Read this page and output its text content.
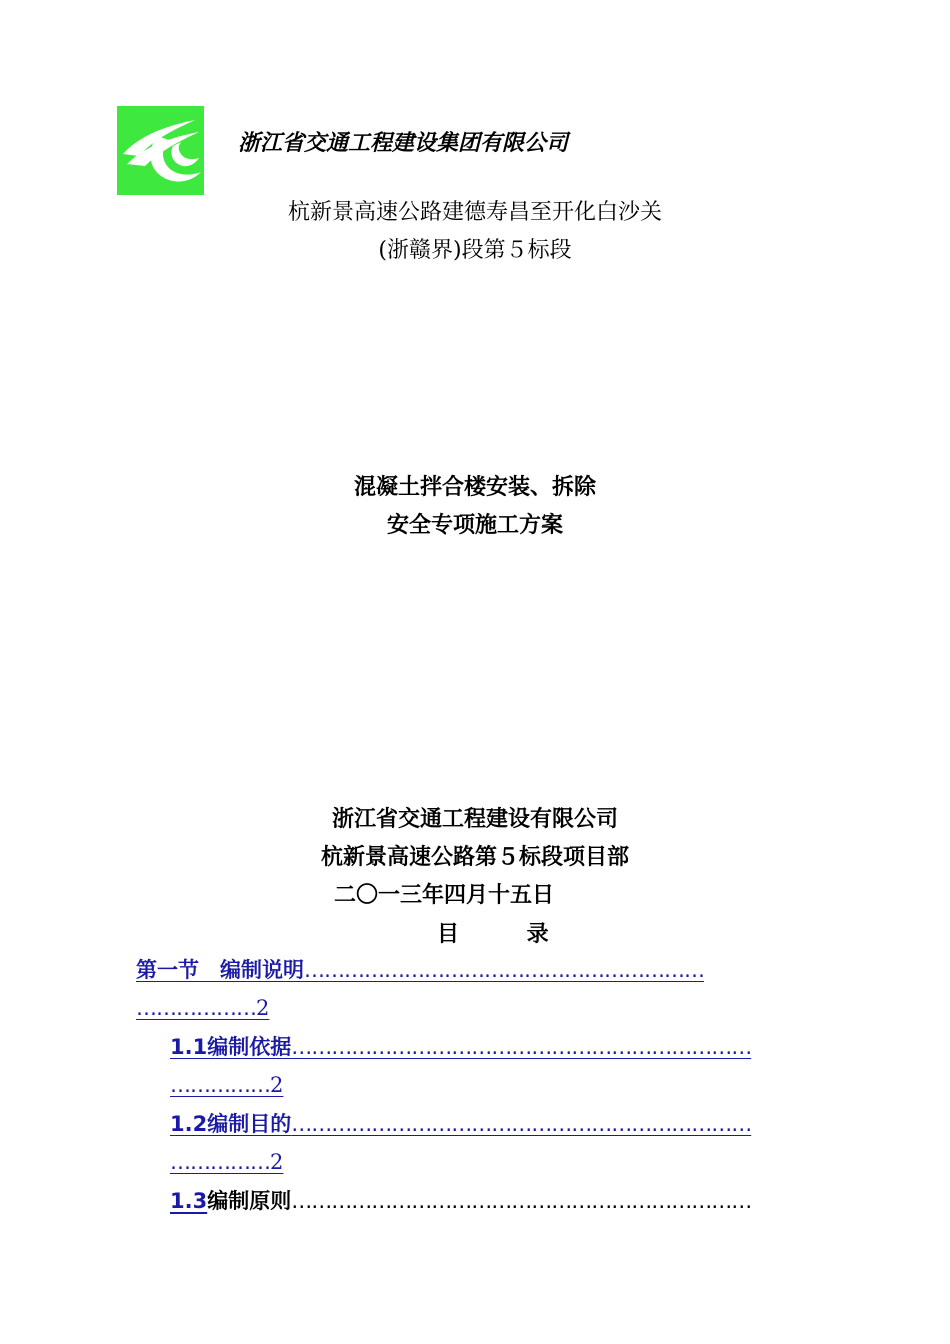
浙江省交通工程建设集团有限公司
杭新景高速公路建德寿昌至开化白沙关
(浙赣界)段第５标段
混凝土拌合楼安装、拆除
安全专项施工方案
浙江省交通工程建设有限公司
杭新景高速公路第５标段项目部
二〇一三年四月十五日
目 录
第一节　编制说明……………………………………………………
………………2
1.1编制依据……………………………………………………………
……………2
1.2编制目的……………………………………………………………
……………2
1.3编制原则……………………………………………………………
